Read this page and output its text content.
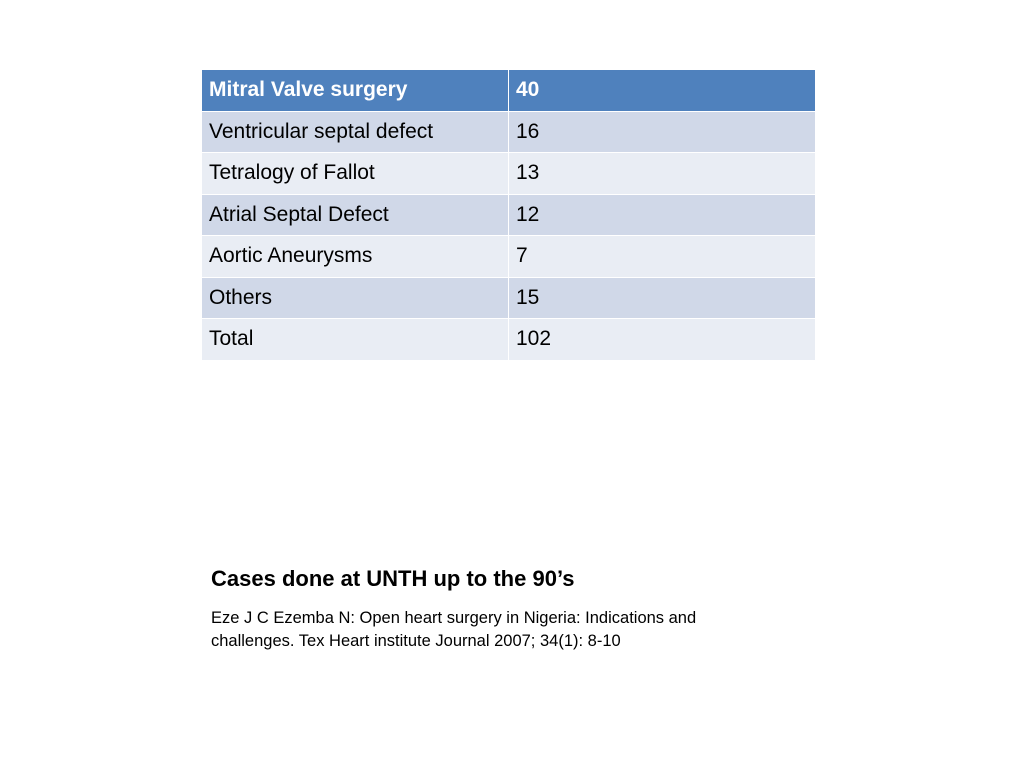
Mitral Valve surgery	40
Ventricular septal defect	16
Tetralogy of Fallot	13
Atrial Septal Defect	12
Aortic Aneurysms	7
Others	15
Total	102
Cases done at UNTH up to the 90’s
Eze J C Ezemba N: Open heart surgery in Nigeria: Indications and challenges. Tex Heart institute Journal 2007; 34(1): 8-10
